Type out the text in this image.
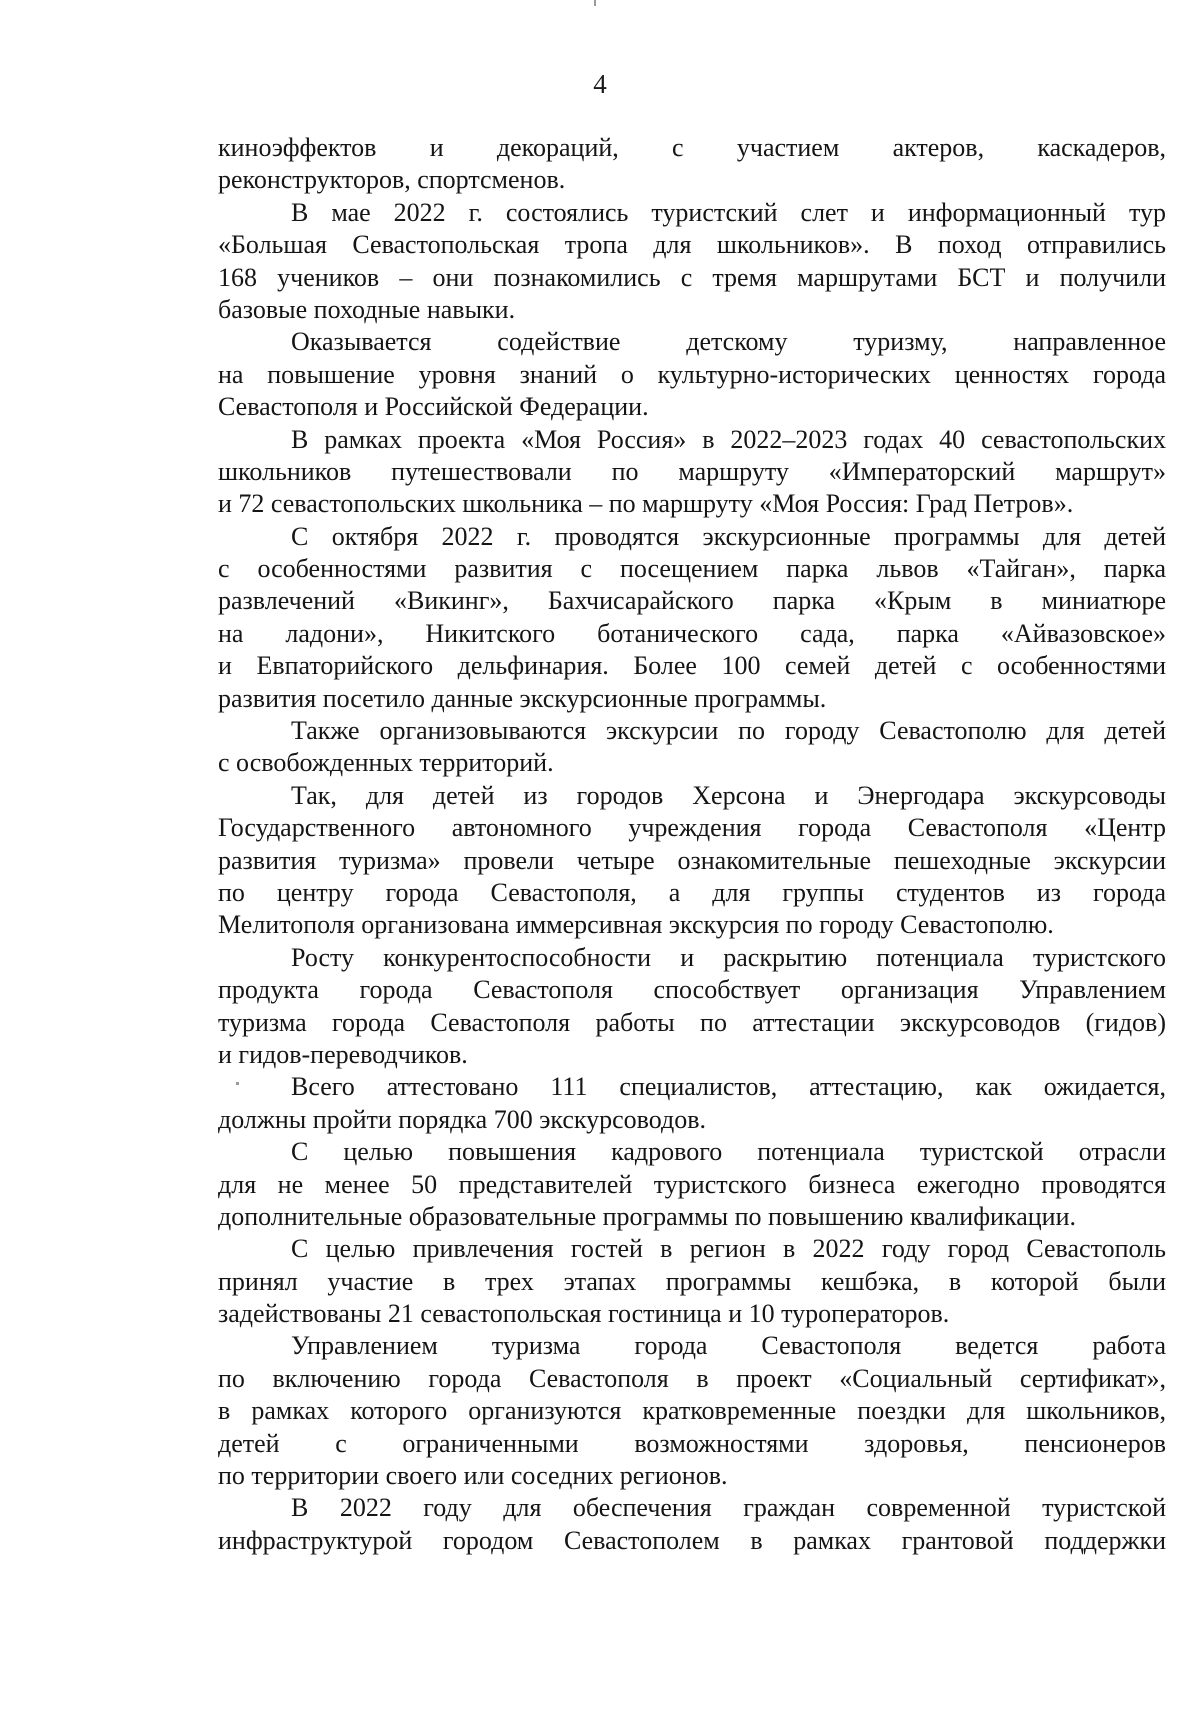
4
киноэффектов и декораций, с участием актеров, каскадеров,
реконструкторов, спортсменов.
В мае 2022 г. состоялись туристский слет и информационный тур
«Большая Севастопольская тропа для школьников». В поход отправились
168 учеников – они познакомились с тремя маршрутами БСТ и получили
базовые походные навыки.
Оказывается содействие детскому туризму, направленное
на повышение уровня знаний о культурно-исторических ценностях города
Севастополя и Российской Федерации.
В рамках проекта «Моя Россия» в 2022–2023 годах 40 севастопольских
школьников путешествовали по маршруту «Императорский маршрут»
и 72 севастопольских школьника – по маршруту «Моя Россия: Град Петров».
С октября 2022 г. проводятся экскурсионные программы для детей
с особенностями развития с посещением парка львов «Тайган», парка
развлечений «Викинг», Бахчисарайского парка «Крым в миниатюре
на ладони», Никитского ботанического сада, парка «Айвазовское»
и Евпаторийского дельфинария. Более 100 семей детей с особенностями
развития посетило данные экскурсионные программы.
Также организовываются экскурсии по городу Севастополю для детей
с освобожденных территорий.
Так, для детей из городов Херсона и Энергодара экскурсоводы
Государственного автономного учреждения города Севастополя «Центр
развития туризма» провели четыре ознакомительные пешеходные экскурсии
по центру города Севастополя, а для группы студентов из города
Мелитополя организована иммерсивная экскурсия по городу Севастополю.
Росту конкурентоспособности и раскрытию потенциала туристского
продукта города Севастополя способствует организация Управлением
туризма города Севастополя работы по аттестации экскурсоводов (гидов)
и гидов-переводчиков.
Всего аттестовано 111 специалистов, аттестацию, как ожидается,
должны пройти порядка 700 экскурсоводов.
С целью повышения кадрового потенциала туристской отрасли
для не менее 50 представителей туристского бизнеса ежегодно проводятся
дополнительные образовательные программы по повышению квалификации.
С целью привлечения гостей в регион в 2022 году город Севастополь
принял участие в трех этапах программы кешбэка, в которой были
задействованы 21 севастопольская гостиница и 10 туроператоров.
Управлением туризма города Севастополя ведется работа
по включению города Севастополя в проект «Социальный сертификат»,
в рамках которого организуются кратковременные поездки для школьников,
детей с ограниченными возможностями здоровья, пенсионеров
по территории своего или соседних регионов.
В 2022 году для обеспечения граждан современной туристской
инфраструктурой городом Севастополем в рамках грантовой поддержки
